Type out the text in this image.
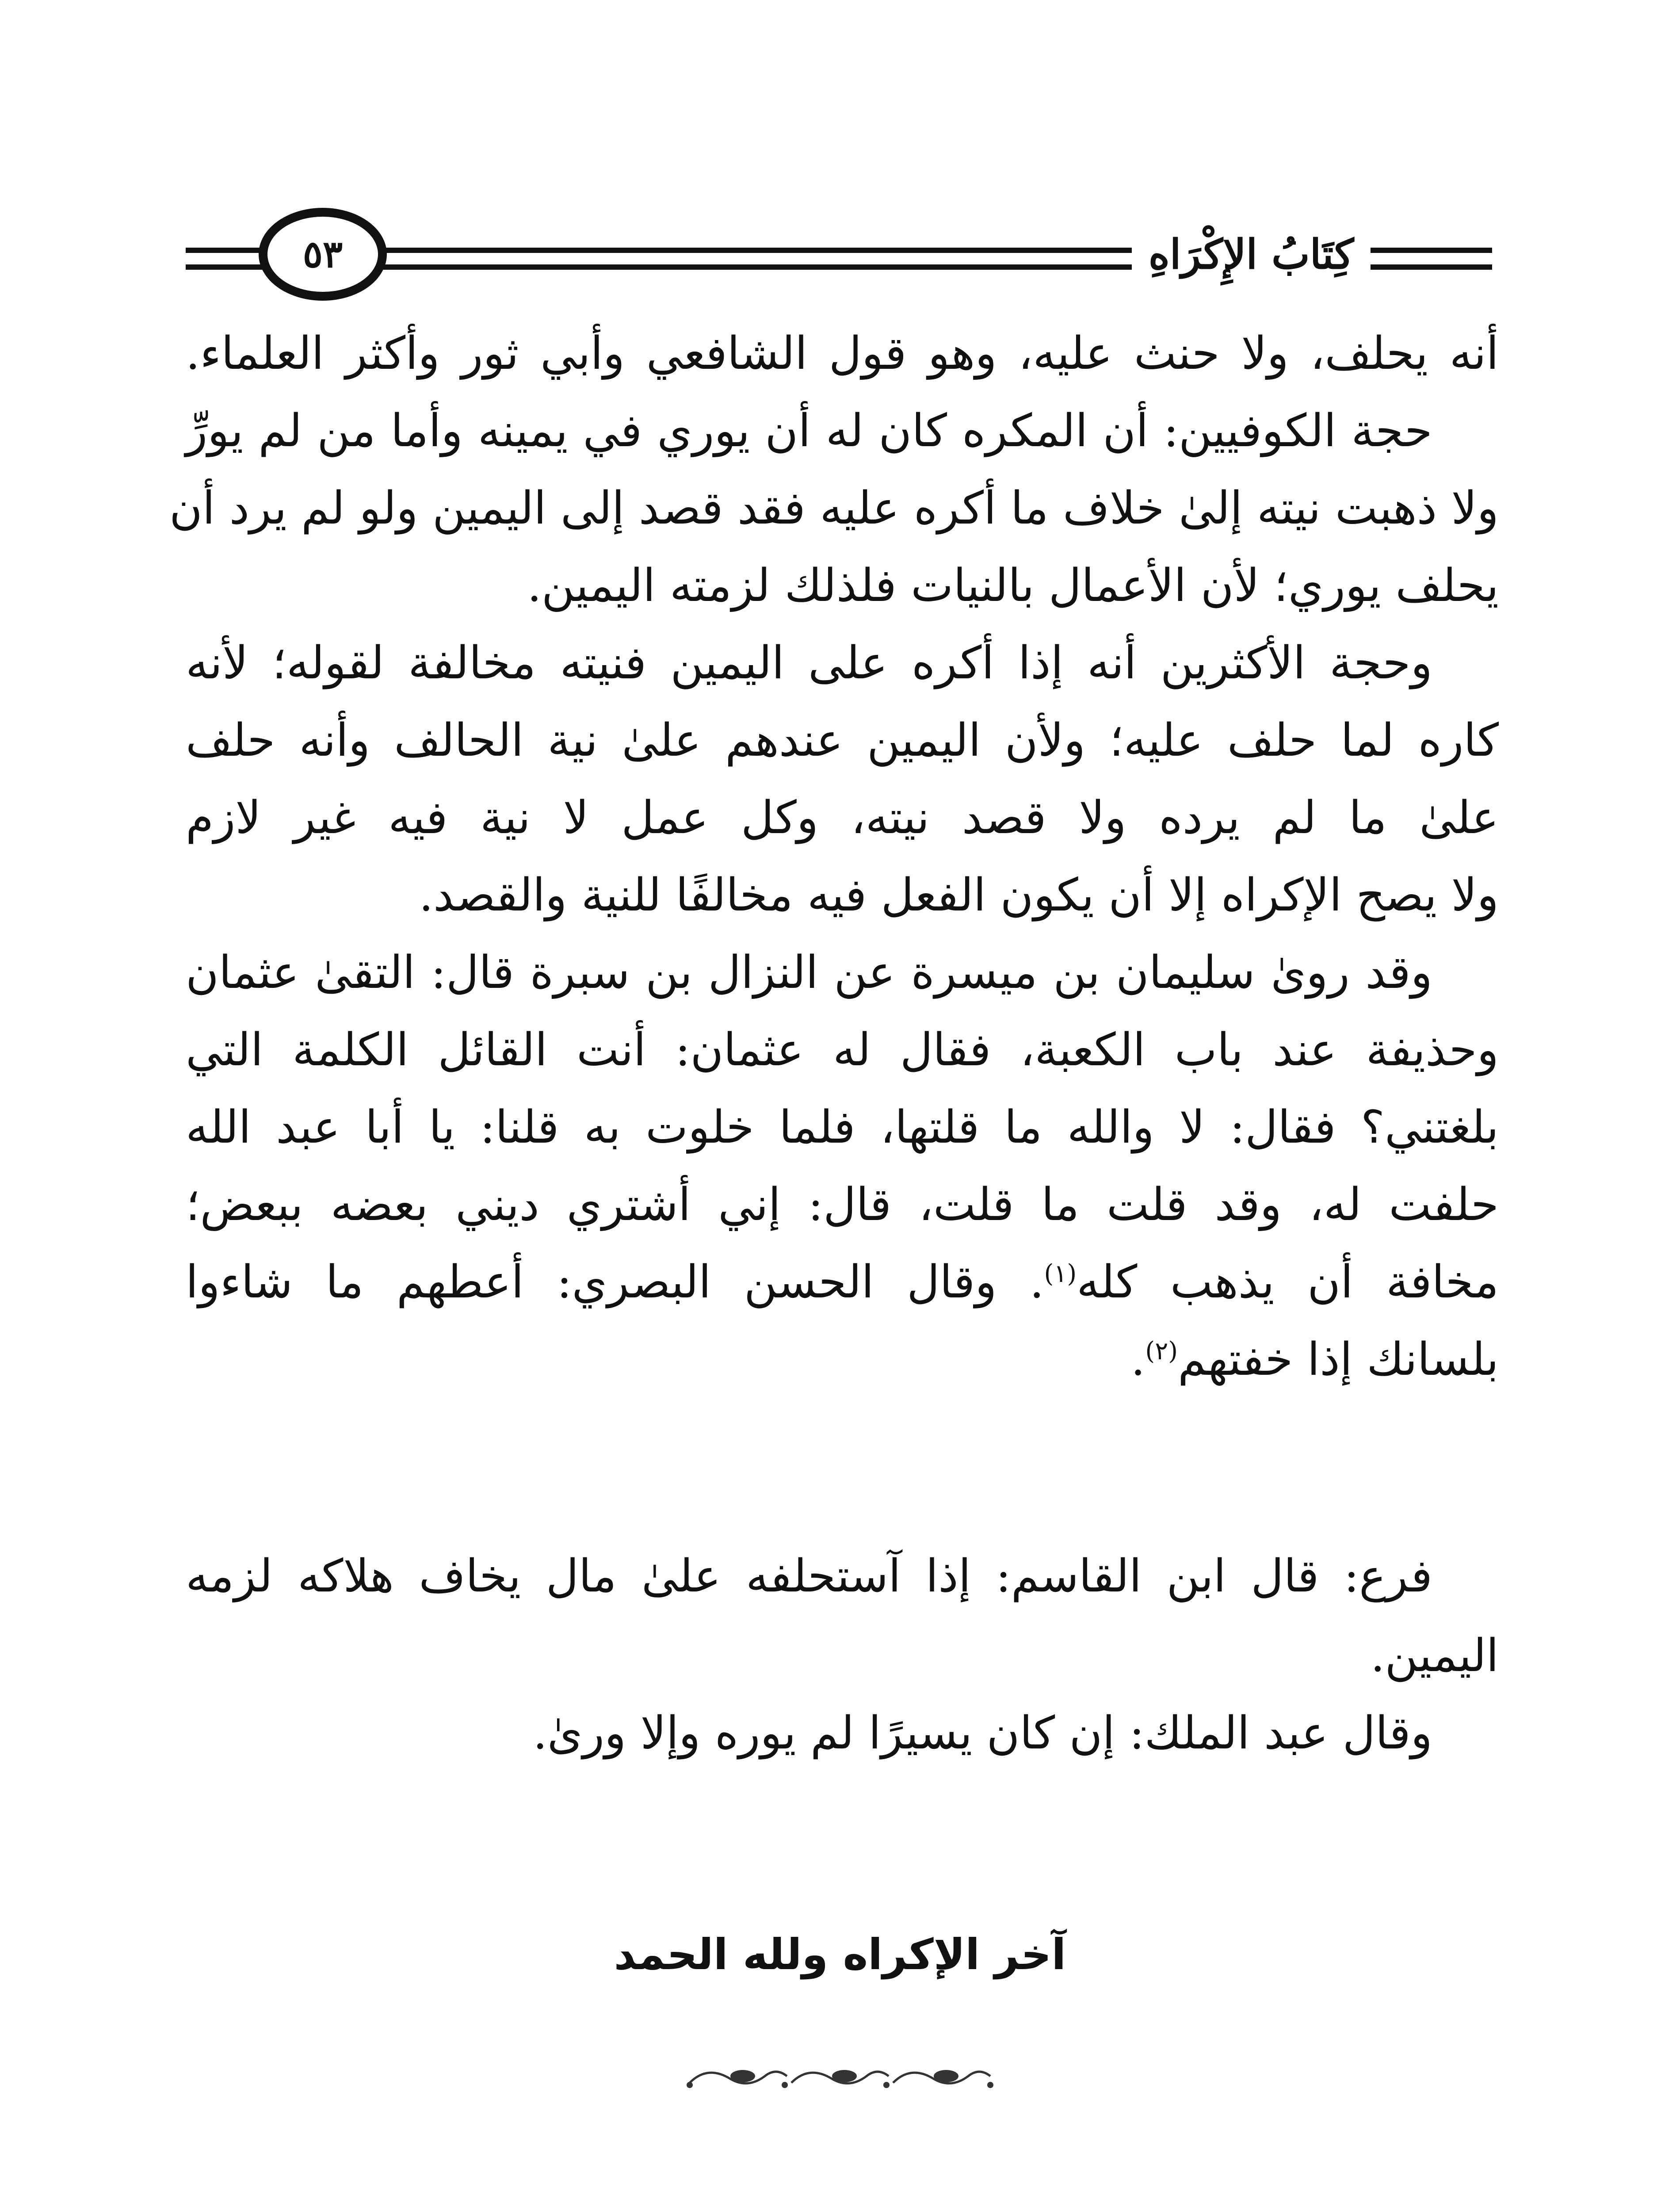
٥٣	كِتَابُ الإِكْرَاهِ
أنه يحلف، ولا حنث عليه، وهو قول الشافعي وأبي ثور وأكثر العلماء.
حجة الكوفيين: أن المكره كان له أن يوري في يمينه وأما من لم يورِّ
ولا ذهبت نيته إلىٰ خلاف ما أكره عليه فقد قصد إلى اليمين ولو لم يرد أن
يحلف يوري؛ لأن الأعمال بالنيات فلذلك لزمته اليمين.
وحجة الأكثرين أنه إذا أكره على اليمين فنيته مخالفة لقوله؛ لأنه
كاره لما حلف عليه؛ ولأن اليمين عندهم علىٰ نية الحالف وأنه حلف
علىٰ ما لم يرده ولا قصد نيته، وكل عمل لا نية فيه غير لازم
ولا يصح الإكراه إلا أن يكون الفعل فيه مخالفًا للنية والقصد.
وقد روىٰ سليمان بن ميسرة عن النزال بن سبرة قال: التقىٰ عثمان
وحذيفة عند باب الكعبة، فقال له عثمان: أنت القائل الكلمة التي
بلغتني؟ فقال: لا والله ما قلتها، فلما خلوت به قلنا: يا أبا عبد الله
حلفت له، وقد قلت ما قلت، قال: إني أشتري ديني بعضه ببعض؛
مخافة أن يذهب كله$^{(١)}$. وقال الحسن البصري: أعطهم ما شاءوا
بلسانك إذا خفتهم$^{(٢)}$.
فرع: قال ابن القاسم: إذا آستحلفه علىٰ مال يخاف هلاكه لزمه
اليمين.
وقال عبد الملك: إن كان يسيرًا لم يوره وإلا ورىٰ.
آخر الإكراه ولله الحمد
